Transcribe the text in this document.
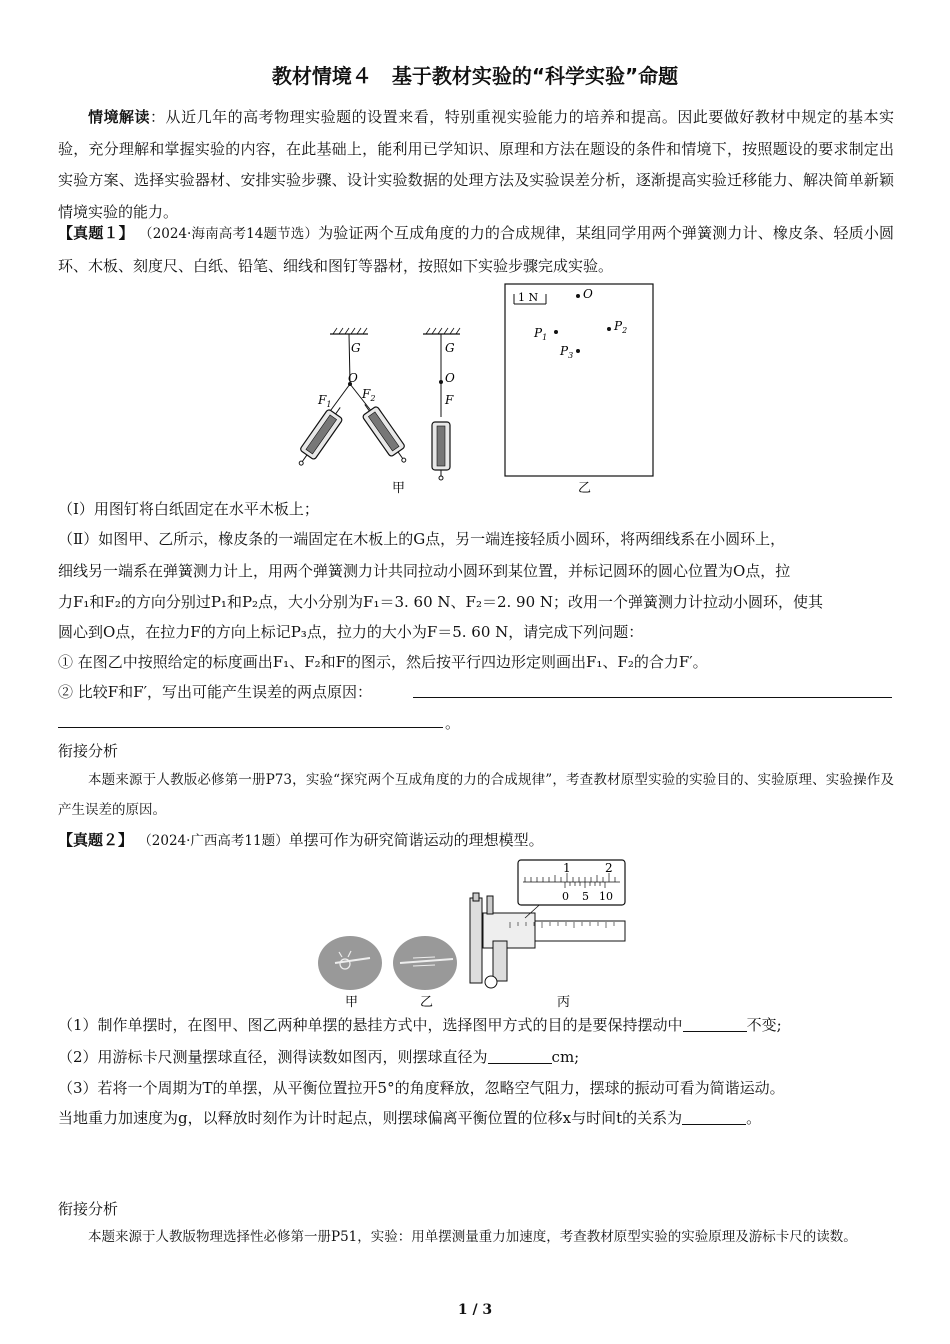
教材情境４　基于教材实验的“科学实验”命题

情境解读：从近几年的高考物理实验题的设置来看，特别重视实验能力的培养和提高。因此要做好教材中规定的基本实验，充分理解和掌握实验的内容，在此基础上，能利用已学知识、原理和方法在题设的条件和情境下，按照题设的要求制定出实验方案、选择实验器材、安排实验步骤、设计实验数据的处理方法及实验误差分析，逐渐提高实验迁移能力、解决简单新颖情境实验的能力。

【真题１】 （2024·海南高考14题节选）为验证两个互成角度的力的合成规律，某组同学用两个弹簧测力计、橡皮条、轻质小圆环、木板、刻度尺、白纸、铅笔、细线和图钉等器材，按照如下实验步骤完成实验。

G
O
$F_1$
$F_2$
G
O
F
甲
1 N	O
$P_1$
$P_2$
$P_3$
乙

（Ⅰ）用图钉将白纸固定在水平木板上；

（Ⅱ）如图甲、乙所示，橡皮条的一端固定在木板上的G点，另一端连接轻质小圆环，将两细线系在小圆环上，

细线另一端系在弹簧测力计上，用两个弹簧测力计共同拉动小圆环到某位置，并标记圆环的圆心位置为O点，拉

力F₁和F₂的方向分别过P₁和P₂点，大小分别为F₁＝3. 60 N、F₂＝2. 90 N；改用一个弹簧测力计拉动小圆环，使其

圆心到O点，在拉力F的方向上标记P₃点，拉力的大小为F＝5. 60 N，请完成下列问题：

① 在图乙中按照给定的标度画出F₁、F₂和F的图示，然后按平行四边形定则画出F₁、F₂的合力F′。

② 比较F和F′，写出可能产生误差的两点原因：

。
衔接分析

本题来源于人教版必修第一册P73，实验“探究两个互成角度的力的合成规律”，考查教材原型实验的实验目的、实验原理、实验操作及产生误差的原因。

【真题２】 （2024·广西高考11题）单摆可作为研究简谐运动的理想模型。

1	2
0 5 10
甲	乙	丙

（1）制作单摆时，在图甲、图乙两种单摆的悬挂方式中，选择图甲方式的目的是要保持摆动中	不变;

（2）用游标卡尺测量摆球直径，测得读数如图丙，则摆球直径为	cm;

（3）若将一个周期为T的单摆，从平衡位置拉开5°的角度释放，忽略空气阻力，摆球的振动可看为简谐运动。

当地重力加速度为g，以释放时刻作为计时起点，则摆球偏离平衡位置的位移x与时间t的关系为	。

衔接分析

本题来源于人教版物理选择性必修第一册P51，实验：用单摆测量重力加速度，考查教材原型实验的实验原理及游标卡尺的读数。

1 / 3
